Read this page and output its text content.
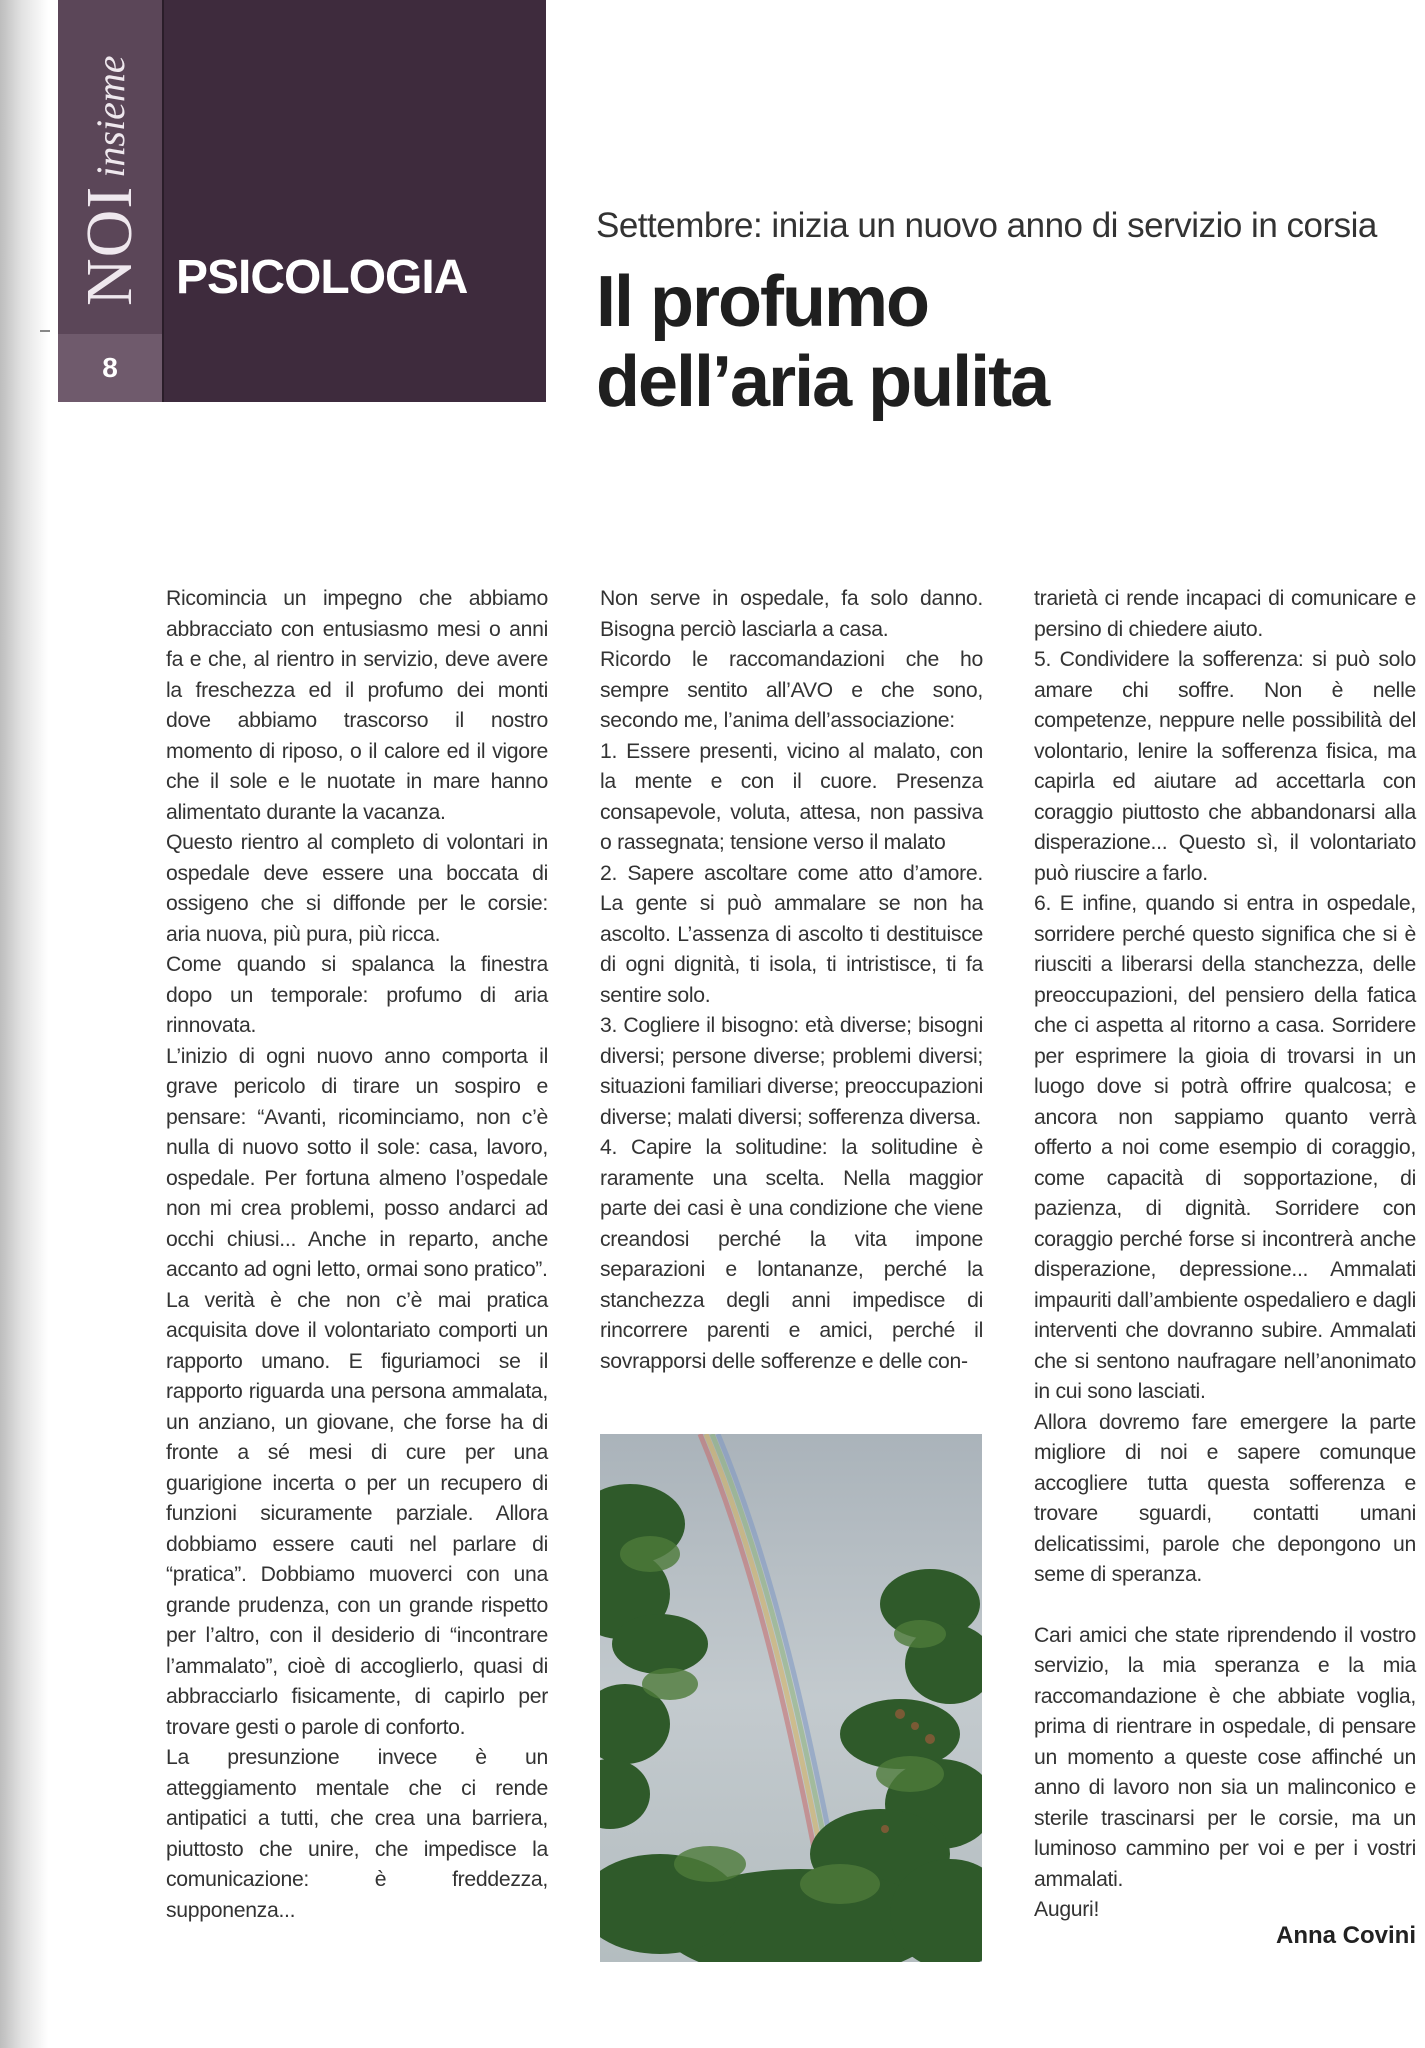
NOI
insieme
8
PSICOLOGIA
Settembre: inizia un nuovo anno di servizio in corsia
Il profumo
dell’aria pulita

Ricomincia un impegno che abbiamo abbracciato con entusiasmo mesi o anni fa e che, al rientro in servizio, deve avere la freschezza ed il profumo dei monti dove abbiamo trascorso il nostro momento di riposo, o il calore ed il vigore che il sole e le nuotate in mare hanno alimentato durante la vacanza.

Questo rientro al completo di volontari in ospedale deve essere una boccata di ossigeno che si diffonde per le corsie: aria nuova, più pura, più ricca.

Come quando si spalanca la finestra dopo un temporale: profumo di aria rinnovata.

L’inizio di ogni nuovo anno comporta il grave pericolo di tirare un sospiro e pensare: “Avanti, ricominciamo, non c’è nulla di nuovo sotto il sole: casa, lavoro, ospedale. Per fortuna almeno l’ospedale non mi crea problemi, posso andarci ad occhi chiusi... Anche in reparto, anche accanto ad ogni letto, ormai sono pratico”.

La verità è che non c’è mai pratica acquisita dove il volontariato comporti un rapporto umano. E figuriamoci se il rapporto riguarda una persona ammalata, un anziano, un giovane, che forse ha di fronte a sé mesi di cure per una guarigione incerta o per un recupero di funzioni sicuramente parziale. Allora dobbiamo essere cauti nel parlare di “pratica”. Dobbiamo muoverci con una grande prudenza, con un grande rispetto per l’altro, con il desiderio di “incontrare l’ammalato”, cioè di accoglierlo, quasi di abbracciarlo fisicamente, di capirlo per trovare gesti o parole di conforto.

La presunzione invece è un atteggiamento mentale che ci rende antipatici a tutti, che crea una barriera, piuttosto che unire, che impedisce la comunicazione: è freddezza, supponenza...

Non serve in ospedale, fa solo danno. Bisogna perciò lasciarla a casa.

Ricordo le raccomandazioni che ho sempre sentito all’AVO e che sono, secondo me, l’anima dell’associazione:

1. Essere presenti, vicino al malato, con la mente e con il cuore. Presenza consapevole, voluta, attesa, non passiva o rassegnata; tensione verso il malato

2. Sapere ascoltare come atto d’amore. La gente si può ammalare se non ha ascolto. L’assenza di ascolto ti destituisce di ogni dignità, ti isola, ti intristisce, ti fa sentire solo.

3. Cogliere il bisogno: età diverse; bisogni diversi; persone diverse; problemi diversi; situazioni familiari diverse; preoccupazioni diverse; malati diversi; sofferenza diversa.

4. Capire la solitudine: la solitudine è raramente una scelta. Nella maggior parte dei casi è una condizione che viene creandosi perché la vita impone separazioni e lontananze, perché la stanchezza degli anni impedisce di rincorrere parenti e amici, perché il sovrapporsi delle sofferenze e delle con-

trarietà ci rende incapaci di comunicare e persino di chiedere aiuto.

5. Condividere la sofferenza: si può solo amare chi soffre. Non è nelle competenze, neppure nelle possibilità del volontario, lenire la sofferenza fisica, ma capirla ed aiutare ad accettarla con coraggio piuttosto che abbandonarsi alla disperazione... Questo sì, il volontariato può riuscire a farlo.

6. E infine, quando si entra in ospedale, sorridere perché questo significa che si è riusciti a liberarsi della stanchezza, delle preoccupazioni, del pensiero della fatica che ci aspetta al ritorno a casa. Sorridere per esprimere la gioia di trovarsi in un luogo dove si potrà offrire qualcosa; e ancora non sappiamo quanto verrà offerto a noi come esempio di coraggio, come capacità di sopportazione, di pazienza, di dignità. Sorridere con coraggio perché forse si incontrerà anche disperazione, depressione... Ammalati impauriti dall’ambiente ospedaliero e dagli interventi che dovranno subire. Ammalati che si sentono naufragare nell’anonimato in cui sono lasciati.

Allora dovremo fare emergere la parte migliore di noi e sapere comunque accogliere tutta questa sofferenza e trovare sguardi, contatti umani delicatissimi, parole che depongono un seme di speranza.

Cari amici che state riprendendo il vostro servizio, la mia speranza e la mia raccomandazione è che abbiate voglia, prima di rientrare in ospedale, di pensare un momento a queste cose affinché un anno di lavoro non sia un malinconico e sterile trascinarsi per le corsie, ma un luminoso cammino per voi e per i vostri ammalati.

Auguri!

Anna Covini
